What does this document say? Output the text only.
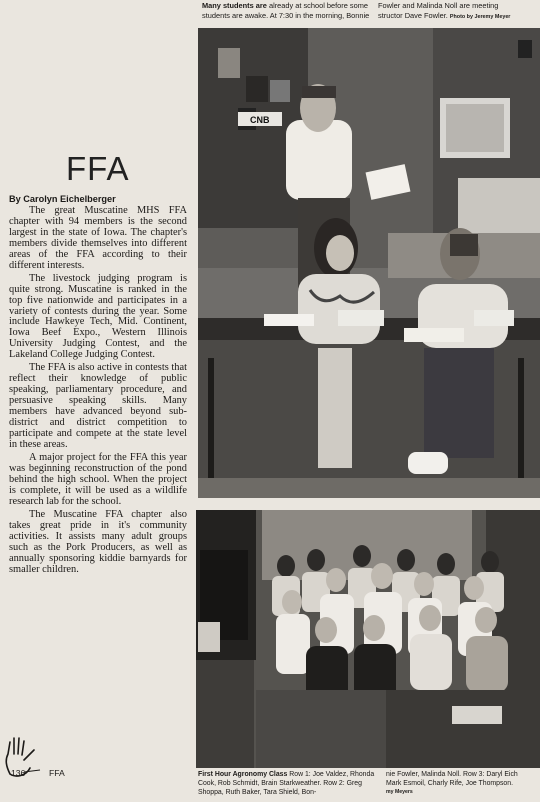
Many students are already at school before some students are awake. At 7:30 in the morning, Bonnie
Fowler and Malinda Noll are meeting
structor Dave Fowler. Photo by Jeremy Meyer
CNB
FFA
By Carolyn Eichelberger

The great Muscatine MHS FFA chapter with 94 members is the second largest in the state of Iowa. The chapter's members divide themselves into different areas of the FFA according to their different interests.

The livestock judging program is quite strong. Muscatine is ranked in the top five nationwide and participates in a variety of contests during the year. Some include Hawkeye Tech, Mid. Continent, Iowa Beef Expo., Western Illinois University Judging Contest, and the Lakeland College Judging Contest.

The FFA is also active in contests that reflect their knowledge of public speaking, parliamentary procedure, and persuasive speaking skills. Many members have advanced beyond sub-district and district competition to participate and compete at the state level in these areas.

A major project for the FFA this year was beginning reconstruction of the pond behind the high school. When the project is complete, it will be used as a wildlife research lab for the school.

The Muscatine FFA chapter also takes great pride in it's community activities. It assists many adult groups such as the Pork Producers, as well as annually sponsoring kiddie barnyards for smaller children.

First Hour Agronomy Class Row 1: Joe Valdez, Rhonda Cook, Rob Schmidt, Brain Starkweather. Row 2: Greg Shoppa, Ruth Baker, Tara Shield, Bon-
nie Fowler, Malinda Noll. Row 3: Daryl Eich
Mark Esmoil, Charly Rife, Joe Thompson.
my Meyers
136	FFA
